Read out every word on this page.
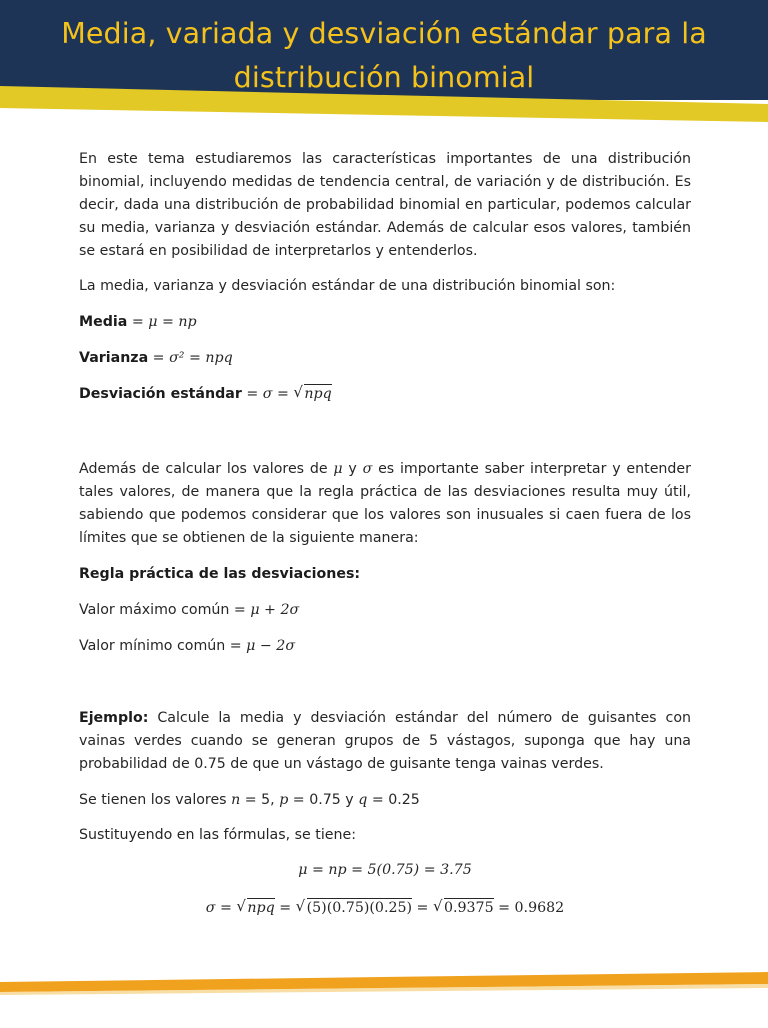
Media, variada y desviación estándar para la
distribución binomial

En este tema estudiaremos las características importantes de una distribución binomial, incluyendo medidas de tendencia central, de variación y de distribución. Es decir, dada una distribución de probabilidad binomial en particular, podemos calcular su media, varianza y desviación estándar. Además de calcular esos valores, también se estará en posibilidad de interpretarlos y entenderlos.

La media, varianza y desviación estándar de una distribución binomial son:

Media = μ = np

Varianza = σ² = npq

Desviación estándar = σ = √ npq

Además de calcular los valores de μ y σ es importante saber interpretar y entender tales valores, de manera que la regla práctica de las desviaciones resulta muy útil, sabiendo que podemos considerar que los valores son inusuales si caen fuera de los límites que se obtienen de la siguiente manera:

Regla práctica de las desviaciones:

Valor máximo común = μ + 2σ

Valor mínimo común = μ − 2σ

Ejemplo: Calcule la media y desviación estándar del número de guisantes con vainas verdes cuando se generan grupos de 5 vástagos, suponga que hay una probabilidad de 0.75 de que un vástago de guisante tenga vainas verdes.

Se tienen los valores n = 5, p = 0.75 y q = 0.25

Sustituyendo en las fórmulas, se tiene:

μ = np = 5(0.75) = 3.75

σ = √ npq = √ (5)(0.75)(0.25) = √ 0.9375 = 0.9682
